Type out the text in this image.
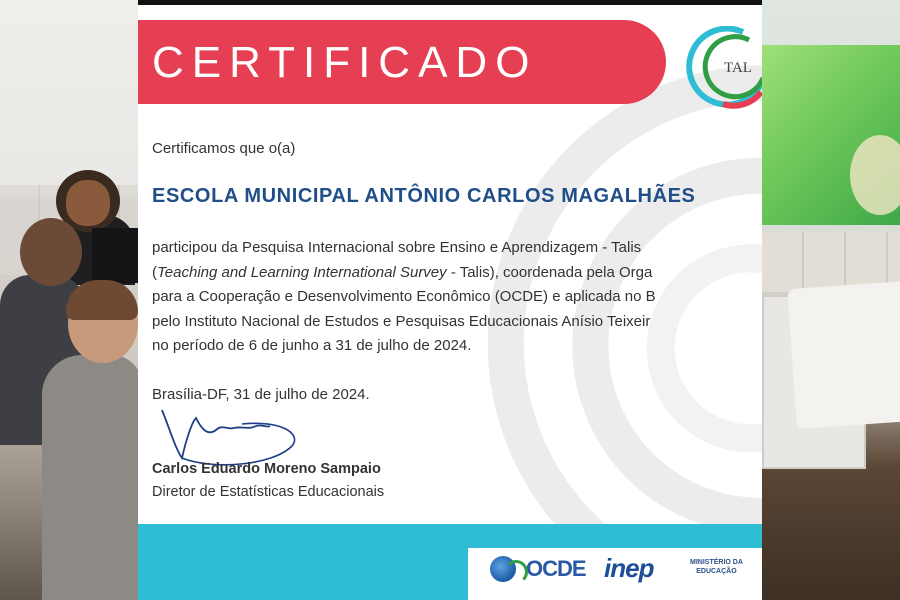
CERTIFICADO	TAL
Certificamos que o(a)
ESCOLA MUNICIPAL ANTÔNIO CARLOS MAGALHÃES
participou da Pesquisa Internacional sobre Ensino e Aprendizagem - Talis
(Teaching and Learning International Survey - Talis), coordenada pela Orga
para a Cooperação e Desenvolvimento Econômico (OCDE) e aplicada no B
pelo Instituto Nacional de Estudos e Pesquisas Educacionais Anísio Teixeir
no período de 6 de junho a 31 de julho de 2024.
Brasília-DF, 31 de julho de 2024.
Carlos Eduardo Moreno Sampaio
Diretor de Estatísticas Educacionais
OCDE inep	MINISTÉRIO DA
EDUCAÇÃO
